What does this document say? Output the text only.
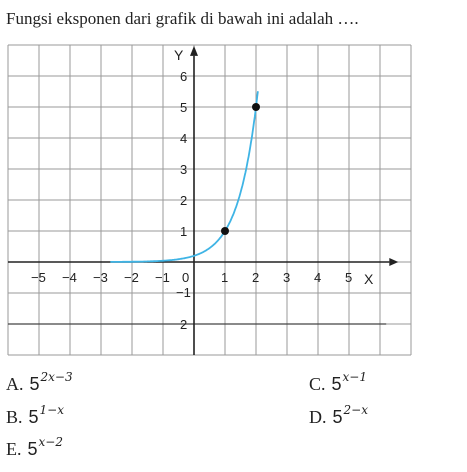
Fungsi eksponen dari grafik di bawah ini adalah ….
−5 −4 −3 −2 −1 0 1 2 3 4 5
1
2
3
4
5
6
−1
2
X
Y
A. $5^{2x-3}$
B. $5^{1-x}$
C. $5^{x-1}$
D. $5^{2-x}$
E. $5^{x-2}$
